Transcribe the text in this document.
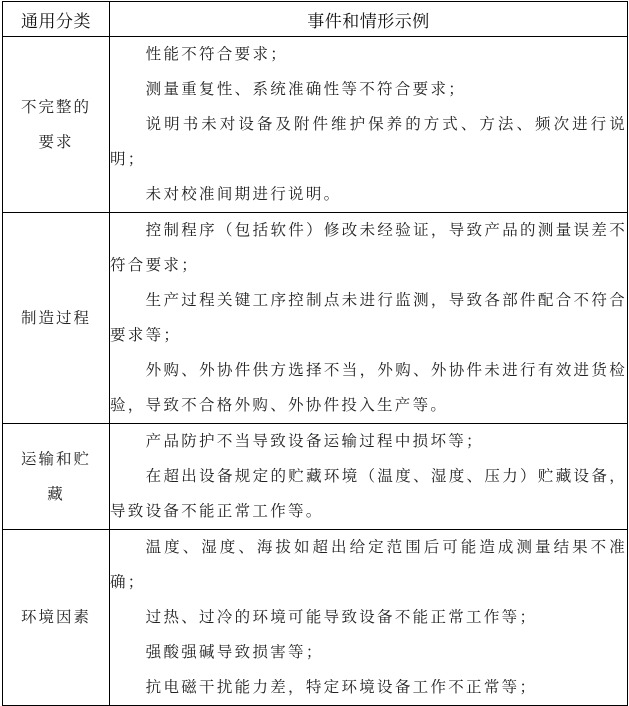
通用分类	事件和情形示例
不完整的要求	性能不符合要求；

测量重复性、系统准确性等不符合要求；

说明书未对设备及附件维护保养的方式、方法、频次进行说明；

未对校准间期进行说明。

制造过程	控制程序（包括软件）修改未经验证，导致产品的测量误差不符合要求；

生产过程关键工序控制点未进行监测，导致各部件配合不符合要求等；

外购、外协件供方选择不当，外购、外协件未进行有效进货检验，导致不合格外购、外协件投入生产等。

运输和贮藏	产品防护不当导致设备运输过程中损坏等；

在超出设备规定的贮藏环境（温度、湿度、压力）贮藏设备，导致设备不能正常工作等。

环境因素	温度、湿度、海拔如超出给定范围后可能造成测量结果不准确；

过热、过冷的环境可能导致设备不能正常工作等；

强酸强碱导致损害等；

抗电磁干扰能力差，特定环境设备工作不正常等；
